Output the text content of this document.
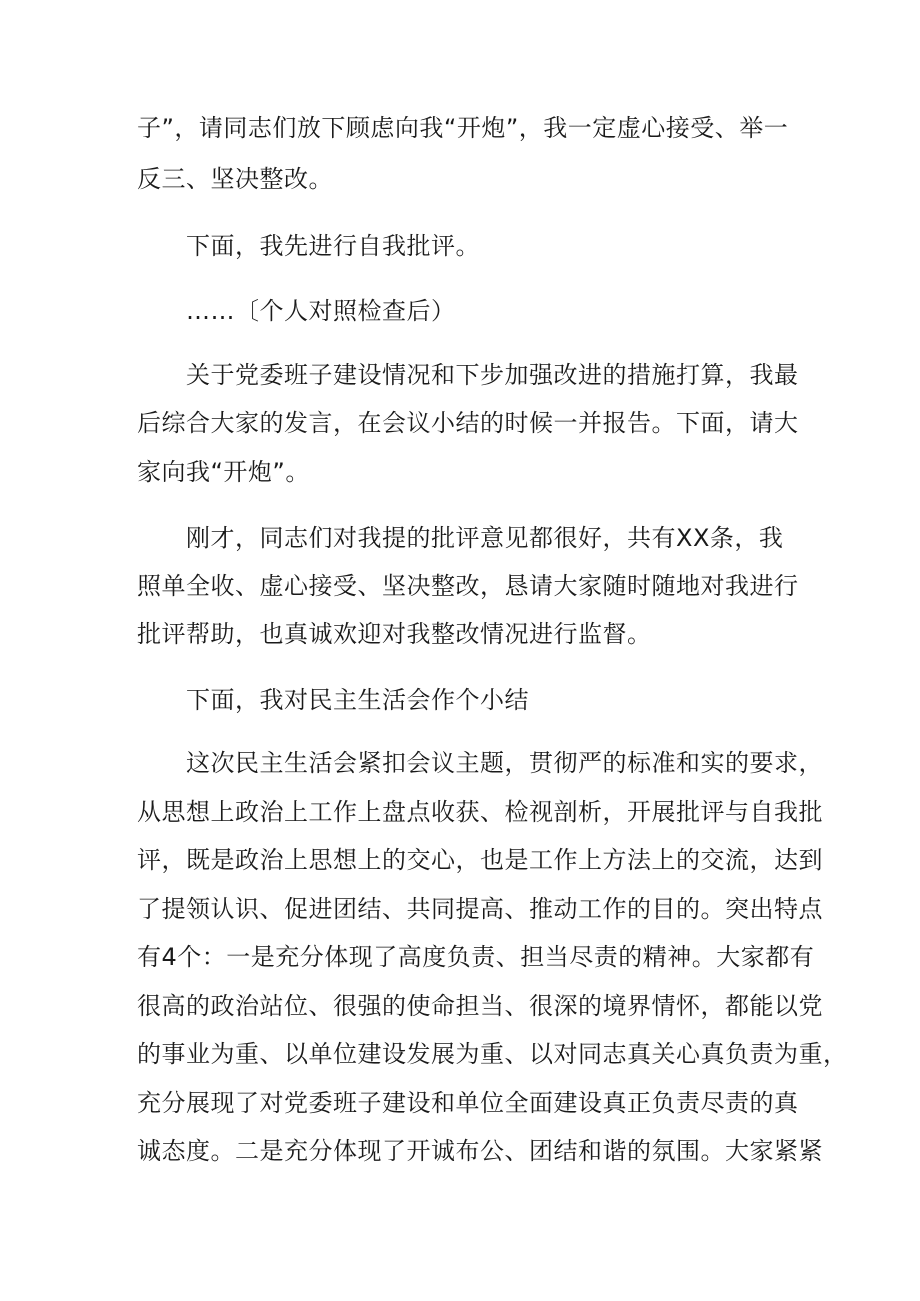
子”，请同志们放下顾虑向我“开炮”，我一定虚心接受、举一
反三、坚决整改。
下面，我先进行自我批评。
……〔个人对照检查后）
关于党委班子建设情况和下步加强改进的措施打算，我最
后综合大家的发言，在会议小结的时候一并报告。下面，请大
家向我“开炮”。
刚才，同志们对我提的批评意见都很好，共有XX条，我
照单全收、虚心接受、坚决整改，恳请大家随时随地对我进行
批评帮助，也真诚欢迎对我整改情况进行监督。
下面，我对民主生活会作个小结
这次民主生活会紧扣会议主题，贯彻严的标准和实的要求，
从思想上政治上工作上盘点收获、检视剖析，开展批评与自我批
评，既是政治上思想上的交心，也是工作上方法上的交流，达到
了提领认识、促进团结、共同提高、推动工作的目的。突出特点
有4个：一是充分体现了高度负责、担当尽责的精神。大家都有
很高的政治站位、很强的使命担当、很深的境界情怀，都能以党
的事业为重、以单位建设发展为重、以对同志真关心真负责为重，
充分展现了对党委班子建设和单位全面建设真正负责尽责的真
诚态度。二是充分体现了开诚布公、团结和谐的氛围。大家紧紧
